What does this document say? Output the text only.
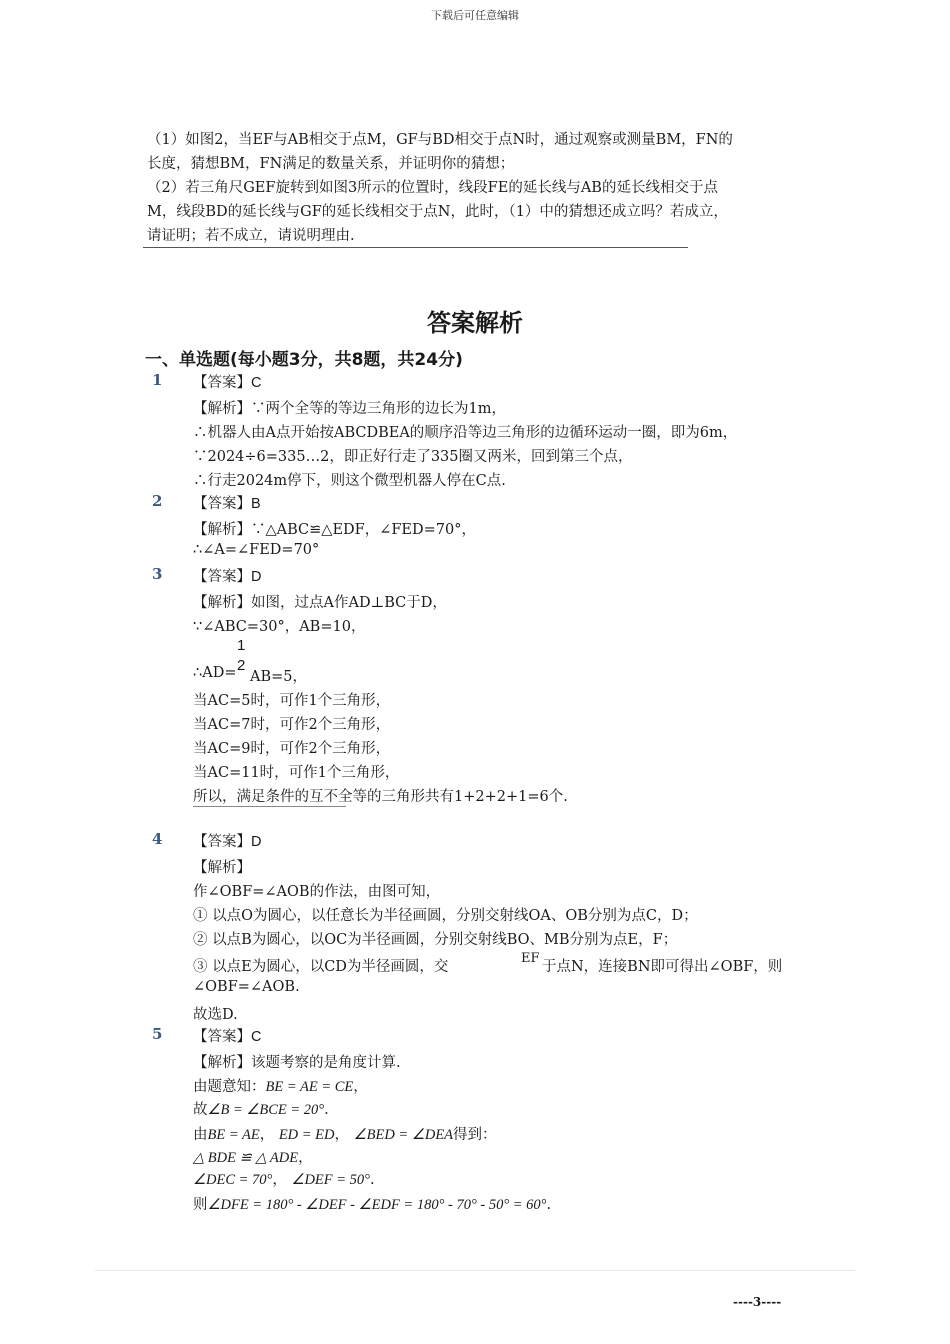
下载后可任意编辑
（1）如图2，当EF与AB相交于点M，GF与BD相交于点N时，通过观察或测量BM，FN的
长度，猜想BM，FN满足的数量关系，并证明你的猜想；
（2）若三角尺GEF旋转到如图3所示的位置时，线段FE的延长线与AB的延长线相交于点
M，线段BD的延长线与GF的延长线相交于点N，此时，（1）中的猜想还成立吗？若成立，
请证明；若不成立，请说明理由.
答案解析
一、单选题(每小题3分，共8题，共24分)
1 【答案】C
【解析】∵两个全等的等边三角形的边长为1m，
∴机器人由A点开始按ABCDBEA的顺序沿等边三角形的边循环运动一圈，即为6m，
∵2024÷6=335…2，即正好行走了335圈又两米，回到第三个点，
∴行走2024m停下，则这个微型机器人停在C点.
2 【答案】B
【解析】∵△ABC≌△EDF，∠FED=70°，
∴∠A=∠FED=70°
3 【答案】D
【解析】如图，过点A作AD⊥BC于D，
∵∠ABC=30°，AB=10，
1
2
∴AD= AB=5，
当AC=5时，可作1个三角形，
当AC=7时，可作2个三角形，
当AC=9时，可作2个三角形，
当AC=11时，可作1个三角形，
所以，满足条件的互不全等的三角形共有1+2+2+1=6个.
4 【答案】D
【解析】
作∠OBF=∠AOB的作法，由图可知，
① 以点O为圆心，以任意长为半径画圆，分别交射线OA、OB分别为点C，D；
② 以点B为圆心，以OC为半径画圆，分别交射线BO、MB分别为点E，F；
③ 以点E为圆心，以CD为半径画圆，交
EF
于点N，连接BN即可得出∠OBF，则
∠OBF=∠AOB.
故选D.
5 【答案】C
【解析】该题考察的是角度计算.
由题意知：BE = AE = CE，
故∠B = ∠BCE = 20°.
由BE = AE， ED = ED， ∠BED = ∠DEA得到：
△ BDE ≌ △ ADE，
∠DEC = 70°， ∠DEF = 50°.
则∠DFE = 180° - ∠DEF - ∠EDF = 180° - 70° - 50° = 60°.
----3----
